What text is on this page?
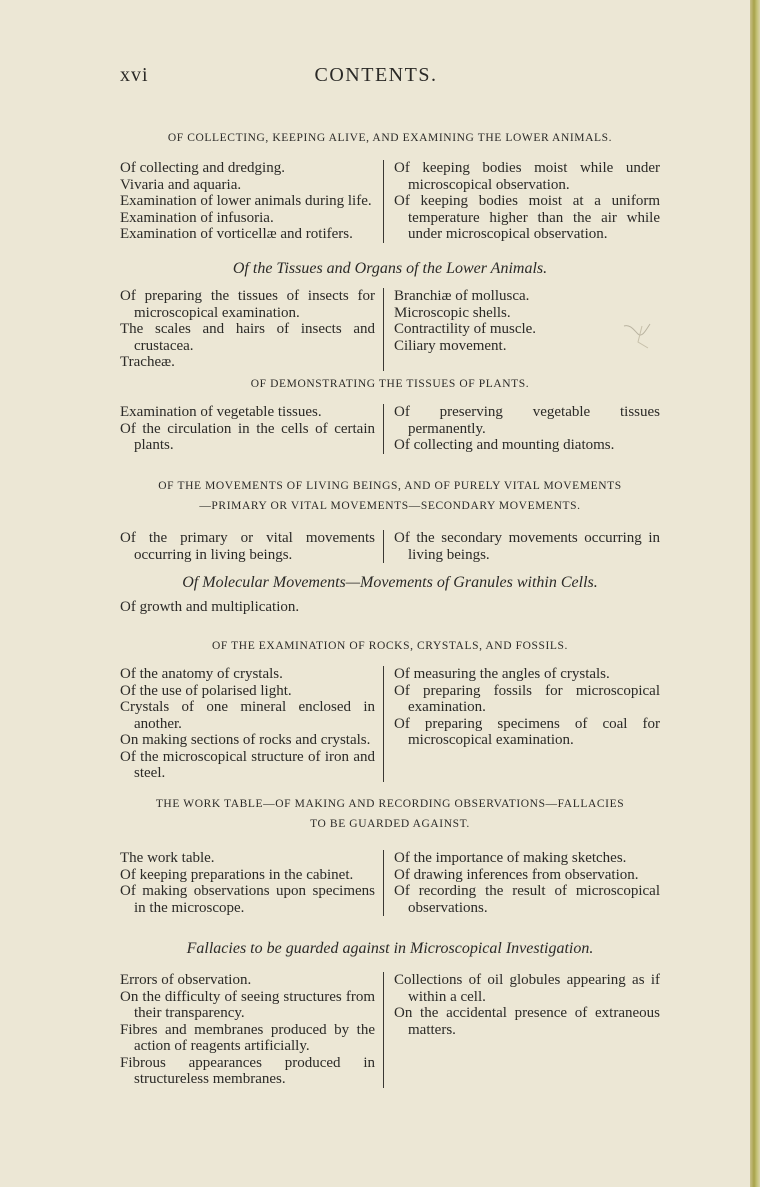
xvi	CONTENTS.
OF COLLECTING, KEEPING ALIVE, AND EXAMINING THE LOWER ANIMALS.

Of collecting and dredging.

Vivaria and aquaria.

Examination of lower animals during life.

Examination of infusoria.

Examination of vorticellæ and rotifers.

Of keeping bodies moist while under microscopical observation.

Of keeping bodies moist at a uniform temperature higher than the air while under microscopical observation.

Of the Tissues and Organs of the Lower Animals.

Of preparing the tissues of insects for microscopical examination.

The scales and hairs of insects and crustacea.

Tracheæ.

Branchiæ of mollusca.

Microscopic shells.

Contractility of muscle.

Ciliary movement.

OF DEMONSTRATING THE TISSUES OF PLANTS.

Examination of vegetable tissues.

Of the circulation in the cells of certain plants.

Of preserving vegetable tissues permanently.

Of collecting and mounting diatoms.

OF THE MOVEMENTS OF LIVING BEINGS, AND OF PURELY VITAL MOVEMENTS
—PRIMARY OR VITAL MOVEMENTS—SECONDARY MOVEMENTS.

Of the primary or vital movements occurring in living beings.

Of the secondary movements occurring in living beings.

Of Molecular Movements—Movements of Granules within Cells.
Of growth and multiplication.
OF THE EXAMINATION OF ROCKS, CRYSTALS, AND FOSSILS.

Of the anatomy of crystals.

Of the use of polarised light.

Crystals of one mineral enclosed in another.

On making sections of rocks and crystals.

Of the microscopical structure of iron and steel.

Of measuring the angles of crystals.

Of preparing fossils for microscopical examination.

Of preparing specimens of coal for microscopical examination.

THE WORK TABLE—OF MAKING AND RECORDING OBSERVATIONS—FALLACIES
TO BE GUARDED AGAINST.

The work table.

Of keeping preparations in the cabinet.

Of making observations upon specimens in the microscope.

Of the importance of making sketches.

Of drawing inferences from observation.

Of recording the result of microscopical observations.

Fallacies to be guarded against in Microscopical Investigation.

Errors of observation.

On the difficulty of seeing structures from their transparency.

Fibres and membranes produced by the action of reagents artificially.

Fibrous appearances produced in structureless membranes.

Collections of oil globules appearing as if within a cell.

On the accidental presence of extraneous matters.
